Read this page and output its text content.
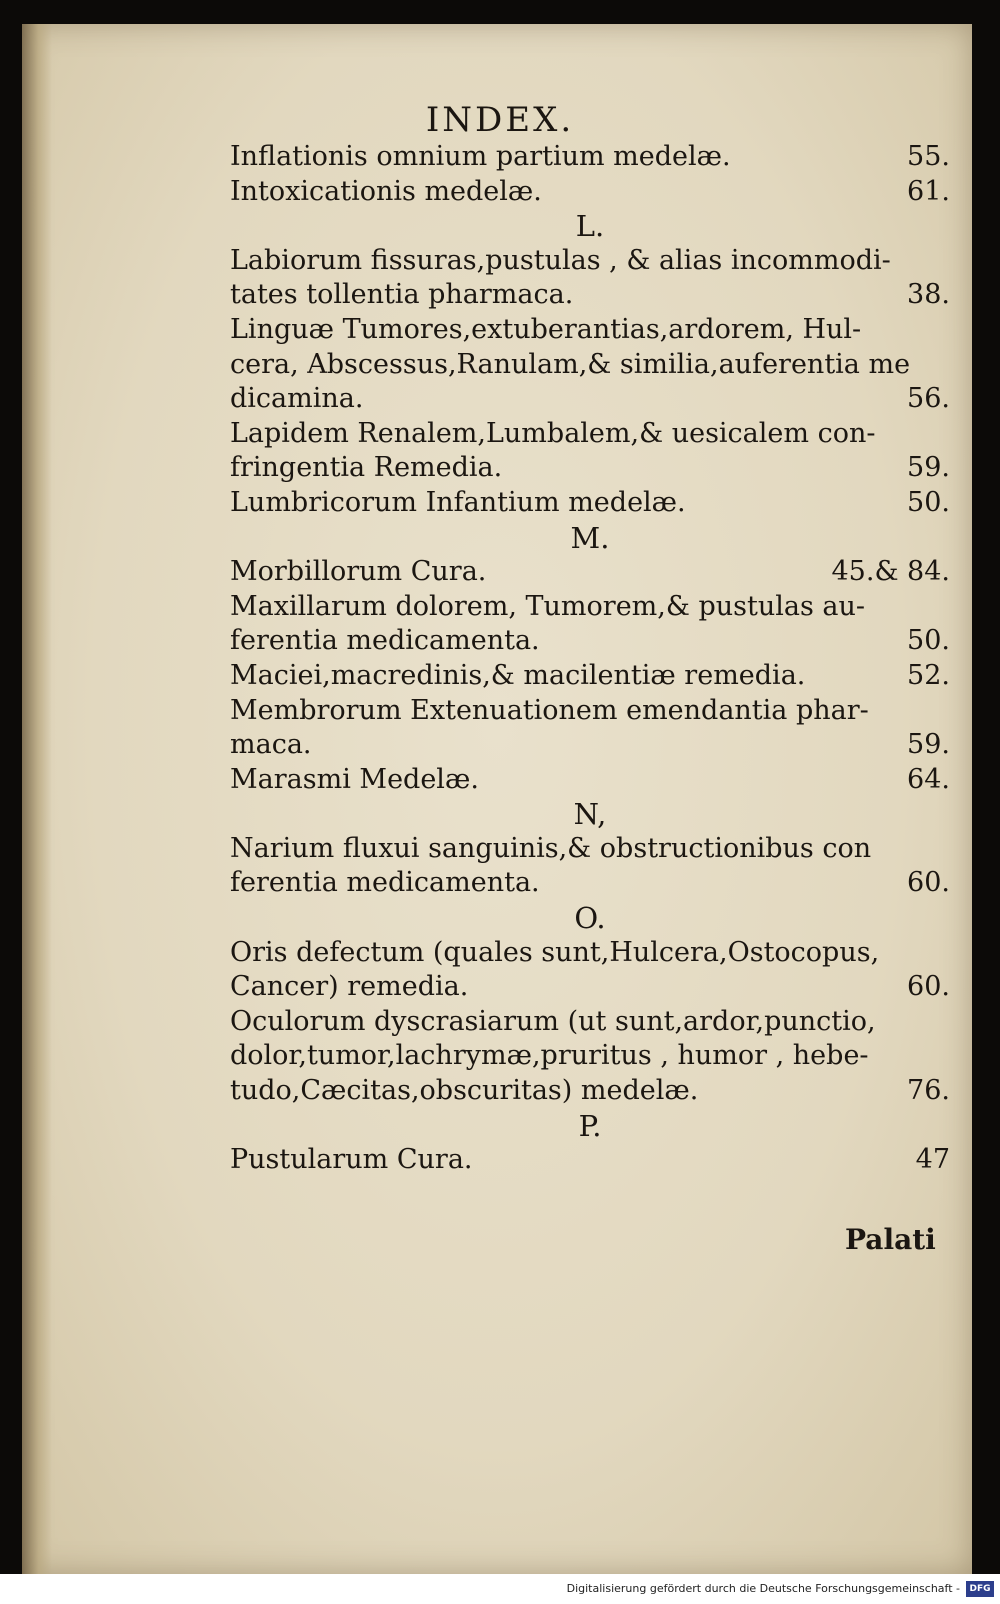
INDEX.
Inflationis omnium partium medelæ.	55.
Intoxicationis medelæ.	61.
L.
Labiorum fissuras,pustulas , & alias incommodi-
tates tollentia pharmaca.	38.
Linguæ Tumores,extuberantias,ardorem, Hul-
cera, Abscessus,Ranulam,& similia,auferentia me
dicamina.	56.
Lapidem Renalem,Lumbalem,& uesicalem con-
fringentia Remedia.	59.
Lumbricorum Infantium medelæ.	50.
M.
Morbillorum Cura.	45.& 84.
Maxillarum dolorem, Tumorem,& pustulas au-
ferentia medicamenta.	50.
Maciei,macredinis,& macilentiæ remedia.	52.
Membrorum Extenuationem emendantia phar-
maca.	59.
Marasmi Medelæ.	64.
N,
Narium fluxui sanguinis,& obstructionibus con
ferentia medicamenta.	60.
O.
Oris defectum (quales sunt,Hulcera,Ostocopus,
Cancer) remedia.	60.
Oculorum dyscrasiarum (ut sunt,ardor,punctio,
dolor,tumor,lachrymæ,pruritus , humor , hebe-
tudo,Cæcitas,obscuritas) medelæ.	76.
P.
Pustularum Cura.	47
Palati
Digitalisierung gefördert durch die Deutsche Forschungsgemeinschaft -	DFG
